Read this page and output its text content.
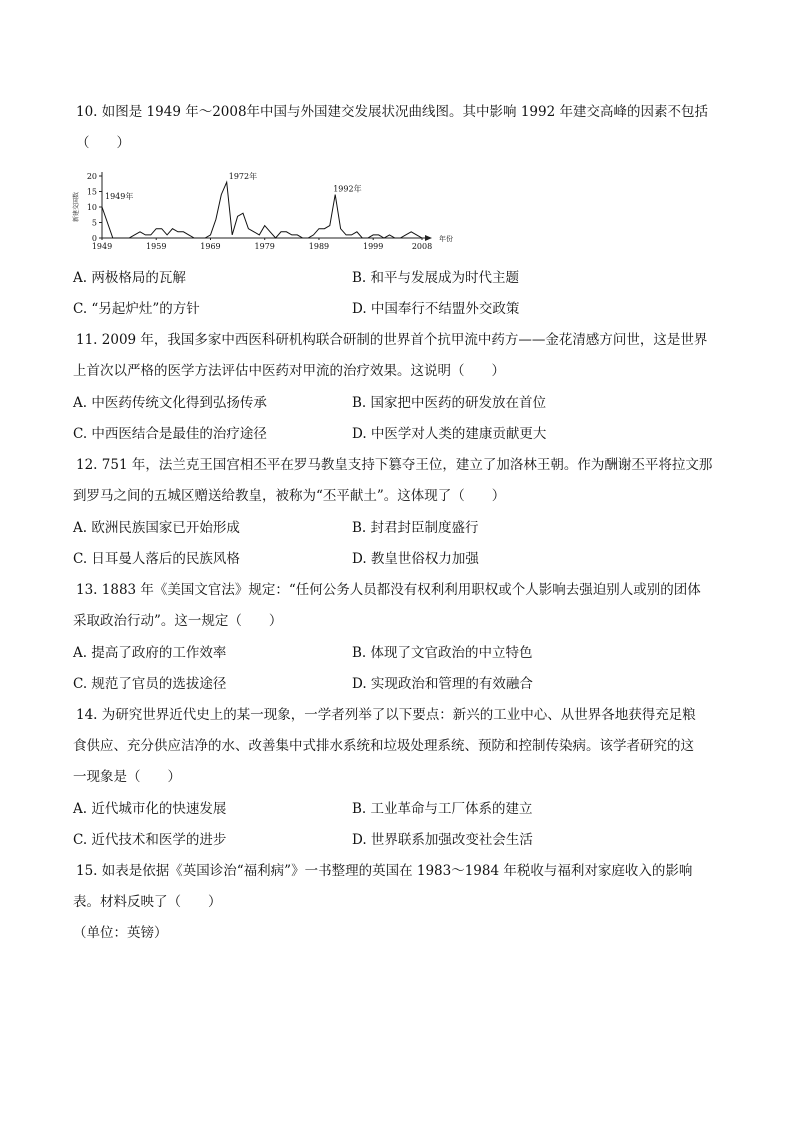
10. 如图是 1949 年～2008年中国与外国建交发展状况曲线图。其中影响 1992 年建交高峰的因素不包括
（　　）
0
5
10
15
20
1949	1959	1969	1979	1989	1999	2008
年份
新建交国数	1949年
1972年
1992年
A. 两极格局的瓦解	B. 和平与发展成为时代主题
C. “另起炉灶”的方针	D. 中国奉行不结盟外交政策
11. 2009 年，我国多家中西医科研机构联合研制的世界首个抗甲流中药方——金花清感方问世，这是世界
上首次以严格的医学方法评估中医药对甲流的治疗效果。这说明（　　）
A. 中医药传统文化得到弘扬传承	B. 国家把中医药的研发放在首位
C. 中西医结合是最佳的治疗途径	D. 中医学对人类的建康贡献更大
12. 751 年，法兰克王国宫相丕平在罗马教皇支持下篡夺王位，建立了加洛林王朝。作为酬谢丕平将拉文那
到罗马之间的五城区赠送给教皇，被称为“丕平献土”。这体现了（　　）
A. 欧洲民族国家已开始形成	B. 封君封臣制度盛行
C. 日耳曼人落后的民族风格	D. 教皇世俗权力加强
13. 1883 年《美国文官法》规定：“任何公务人员都没有权利利用职权或个人影响去强迫别人或别的团体
采取政治行动”。这一规定（　　）
A. 提高了政府的工作效率	B. 体现了文官政治的中立特色
C. 规范了官员的选拔途径	D. 实现政治和管理的有效融合
14. 为研究世界近代史上的某一现象，一学者列举了以下要点：新兴的工业中心、从世界各地获得充足粮
食供应、充分供应洁净的水、改善集中式排水系统和垃圾处理系统、预防和控制传染病。该学者研究的这
一现象是（　　）
A. 近代城市化的快速发展	B. 工业革命与工厂体系的建立
C. 近代技术和医学的进步	D. 世界联系加强改变社会生活
15. 如表是依据《英国诊治“福利病”》一书整理的英国在 1983～1984 年税收与福利对家庭收入的影响
表。材料反映了（　　）
（单位：英镑）
